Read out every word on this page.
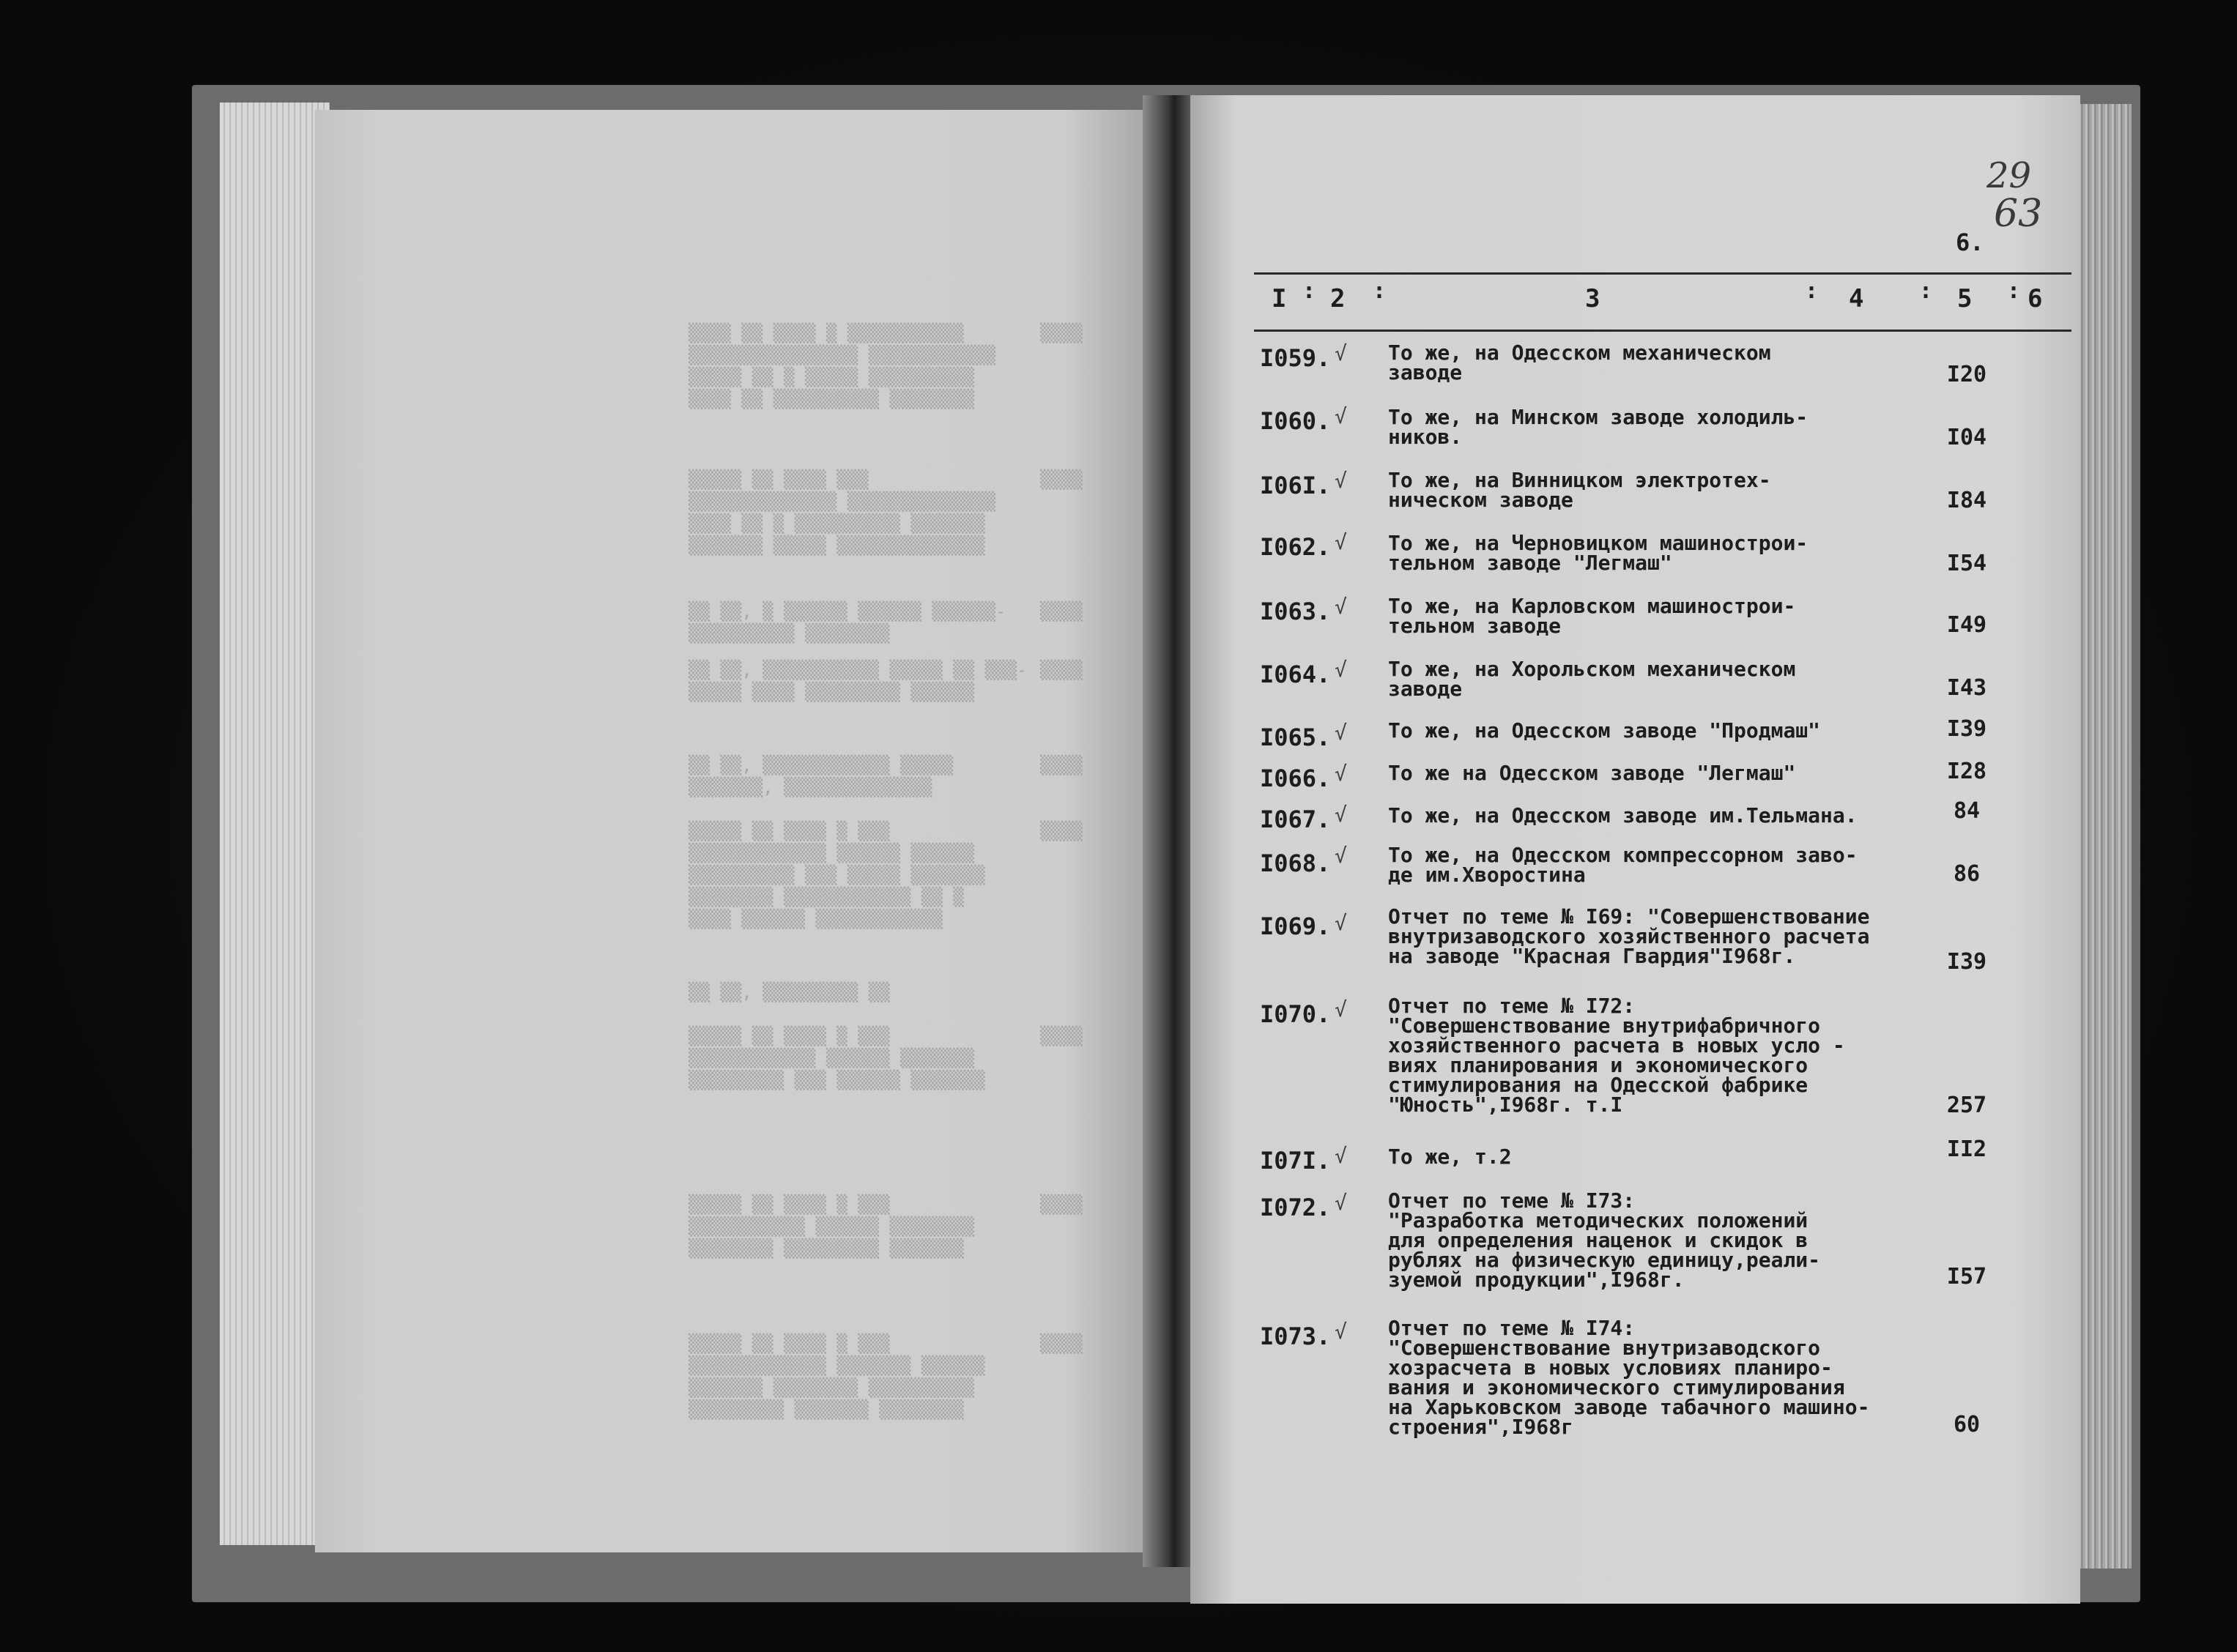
▒▒▒▒ ▒▒ ▒▒▒▒ ▒ ▒▒▒▒▒▒▒▒▒▒▒
▒▒▒▒▒▒▒▒▒▒▒▒▒▒▒▒ ▒▒▒▒▒▒▒▒▒▒▒▒
▒▒▒▒▒ ▒▒ ▒ ▒▒▒▒▒ ▒▒▒▒▒▒▒▒▒▒
▒▒▒▒ ▒▒ ▒▒▒▒▒▒▒▒▒▒ ▒▒▒▒▒▒▒▒
▒▒▒▒▒ ▒▒ ▒▒▒▒ ▒▒▒
▒▒▒▒▒▒▒▒▒▒▒▒▒▒ ▒▒▒▒▒▒▒▒▒▒▒▒▒▒
▒▒▒▒ ▒▒ ▒ ▒▒▒▒▒▒▒▒▒▒ ▒▒▒▒▒▒▒
▒▒▒▒▒▒▒ ▒▒▒▒▒ ▒▒▒▒▒▒▒▒▒▒▒▒▒▒
▒▒ ▒▒, ▒ ▒▒▒▒▒▒ ▒▒▒▒▒▒ ▒▒▒▒▒▒-
▒▒▒▒▒▒▒▒▒▒ ▒▒▒▒▒▒▒▒
▒▒ ▒▒, ▒▒▒▒▒▒▒▒▒▒▒ ▒▒▒▒▒ ▒▒ ▒▒▒-
▒▒▒▒▒ ▒▒▒▒ ▒▒▒▒▒▒▒▒▒ ▒▒▒▒▒▒
▒▒ ▒▒, ▒▒▒▒▒▒▒▒▒▒▒▒ ▒▒▒▒▒
▒▒▒▒▒▒▒, ▒▒▒▒▒▒▒▒▒▒▒▒▒▒
▒▒▒▒▒ ▒▒ ▒▒▒▒ ▒ ▒▒▒
▒▒▒▒▒▒▒▒▒▒▒▒▒ ▒▒▒▒▒▒ ▒▒▒▒▒▒
▒▒▒▒▒▒▒▒▒▒ ▒▒▒ ▒▒▒▒▒ ▒▒▒▒▒▒▒
▒▒▒▒▒▒▒▒ ▒▒▒▒▒▒▒▒▒▒▒▒ ▒▒ ▒
▒▒▒▒ ▒▒▒▒▒▒ ▒▒▒▒▒▒▒▒▒▒▒▒
▒▒ ▒▒, ▒▒▒▒▒▒▒▒▒ ▒▒
▒▒▒▒▒ ▒▒ ▒▒▒▒ ▒ ▒▒▒
▒▒▒▒▒▒▒▒▒▒▒▒ ▒▒▒▒▒▒ ▒▒▒▒▒▒▒
▒▒▒▒▒▒▒▒▒ ▒▒▒ ▒▒▒▒▒▒ ▒▒▒▒▒▒▒
▒▒▒▒▒ ▒▒ ▒▒▒▒ ▒ ▒▒▒
▒▒▒▒▒▒▒▒▒▒▒ ▒▒▒▒▒▒ ▒▒▒▒▒▒▒▒
▒▒▒▒▒▒▒▒ ▒▒▒▒▒▒▒▒▒ ▒▒▒▒▒▒▒
▒▒▒▒▒ ▒▒ ▒▒▒▒ ▒ ▒▒▒
▒▒▒▒▒▒▒▒▒▒▒▒▒ ▒▒▒▒▒▒▒ ▒▒▒▒▒▒
▒▒▒▒▒▒▒ ▒▒▒▒▒▒▒▒ ▒▒▒▒▒▒▒▒▒▒
▒▒▒▒▒▒▒▒▒ ▒▒▒▒▒▒▒ ▒▒▒▒▒▒▒▒
▒▒▒▒
▒▒▒▒
▒▒▒▒
▒▒▒▒
▒▒▒▒
▒▒▒▒
▒▒▒▒
▒▒▒▒
▒▒▒▒
29
63
6.
I : 2 :	3	: 4	: 5 : 6
I059. √ То же, на Одесском механическом
заводе	I20
I060. √ То же, на Минском заводе холодиль-
ников.	I04
I06I. √ То же, на Винницком электротех-
ническом заводе	I84
I062. √ То же, на Черновицком машинострои-
тельном заводе "Легмаш"	I54
I063. √ То же, на Карловском машинострои-
тельном заводе	I49
I064. √ То же, на Хорольском механическом
заводе	I43
I065. √ То же, на Одесском заводе "Продмаш"	I39
I066. √ То же на Одесском заводе "Легмаш"	I28
I067. √ То же, на Одесском заводе им.Тельмана.	84
I068. √ То же, на Одесском компрессорном заво-
де им.Хворостина	86
I069. √ Отчет по теме № I69: "Совершенствование
внутризаводского хозяйственного расчета
на заводе "Красная Гвардия"I968г.	I39
I070. √ Отчет по теме № I72:
"Совершенствование внутрифабричного
хозяйственного расчета в новых усло -
виях планирования и экономического
стимулирования на Одесской фабрике
"Юность",I968г. т.I	257
I07I. √ То же, т.2	II2
I072. √ Отчет по теме № I73:
"Разработка методических положений
для определения наценок и скидок в
рублях на физическую единицу,реали-
зуемой продукции",I968г.	I57
I073. √ Отчет по теме № I74:
"Совершенствование внутризаводского
хозрасчета в новых условиях планиро-
вания и экономического стимулирования
на Харьковском заводе табачного машино-
строения",I968г	60
